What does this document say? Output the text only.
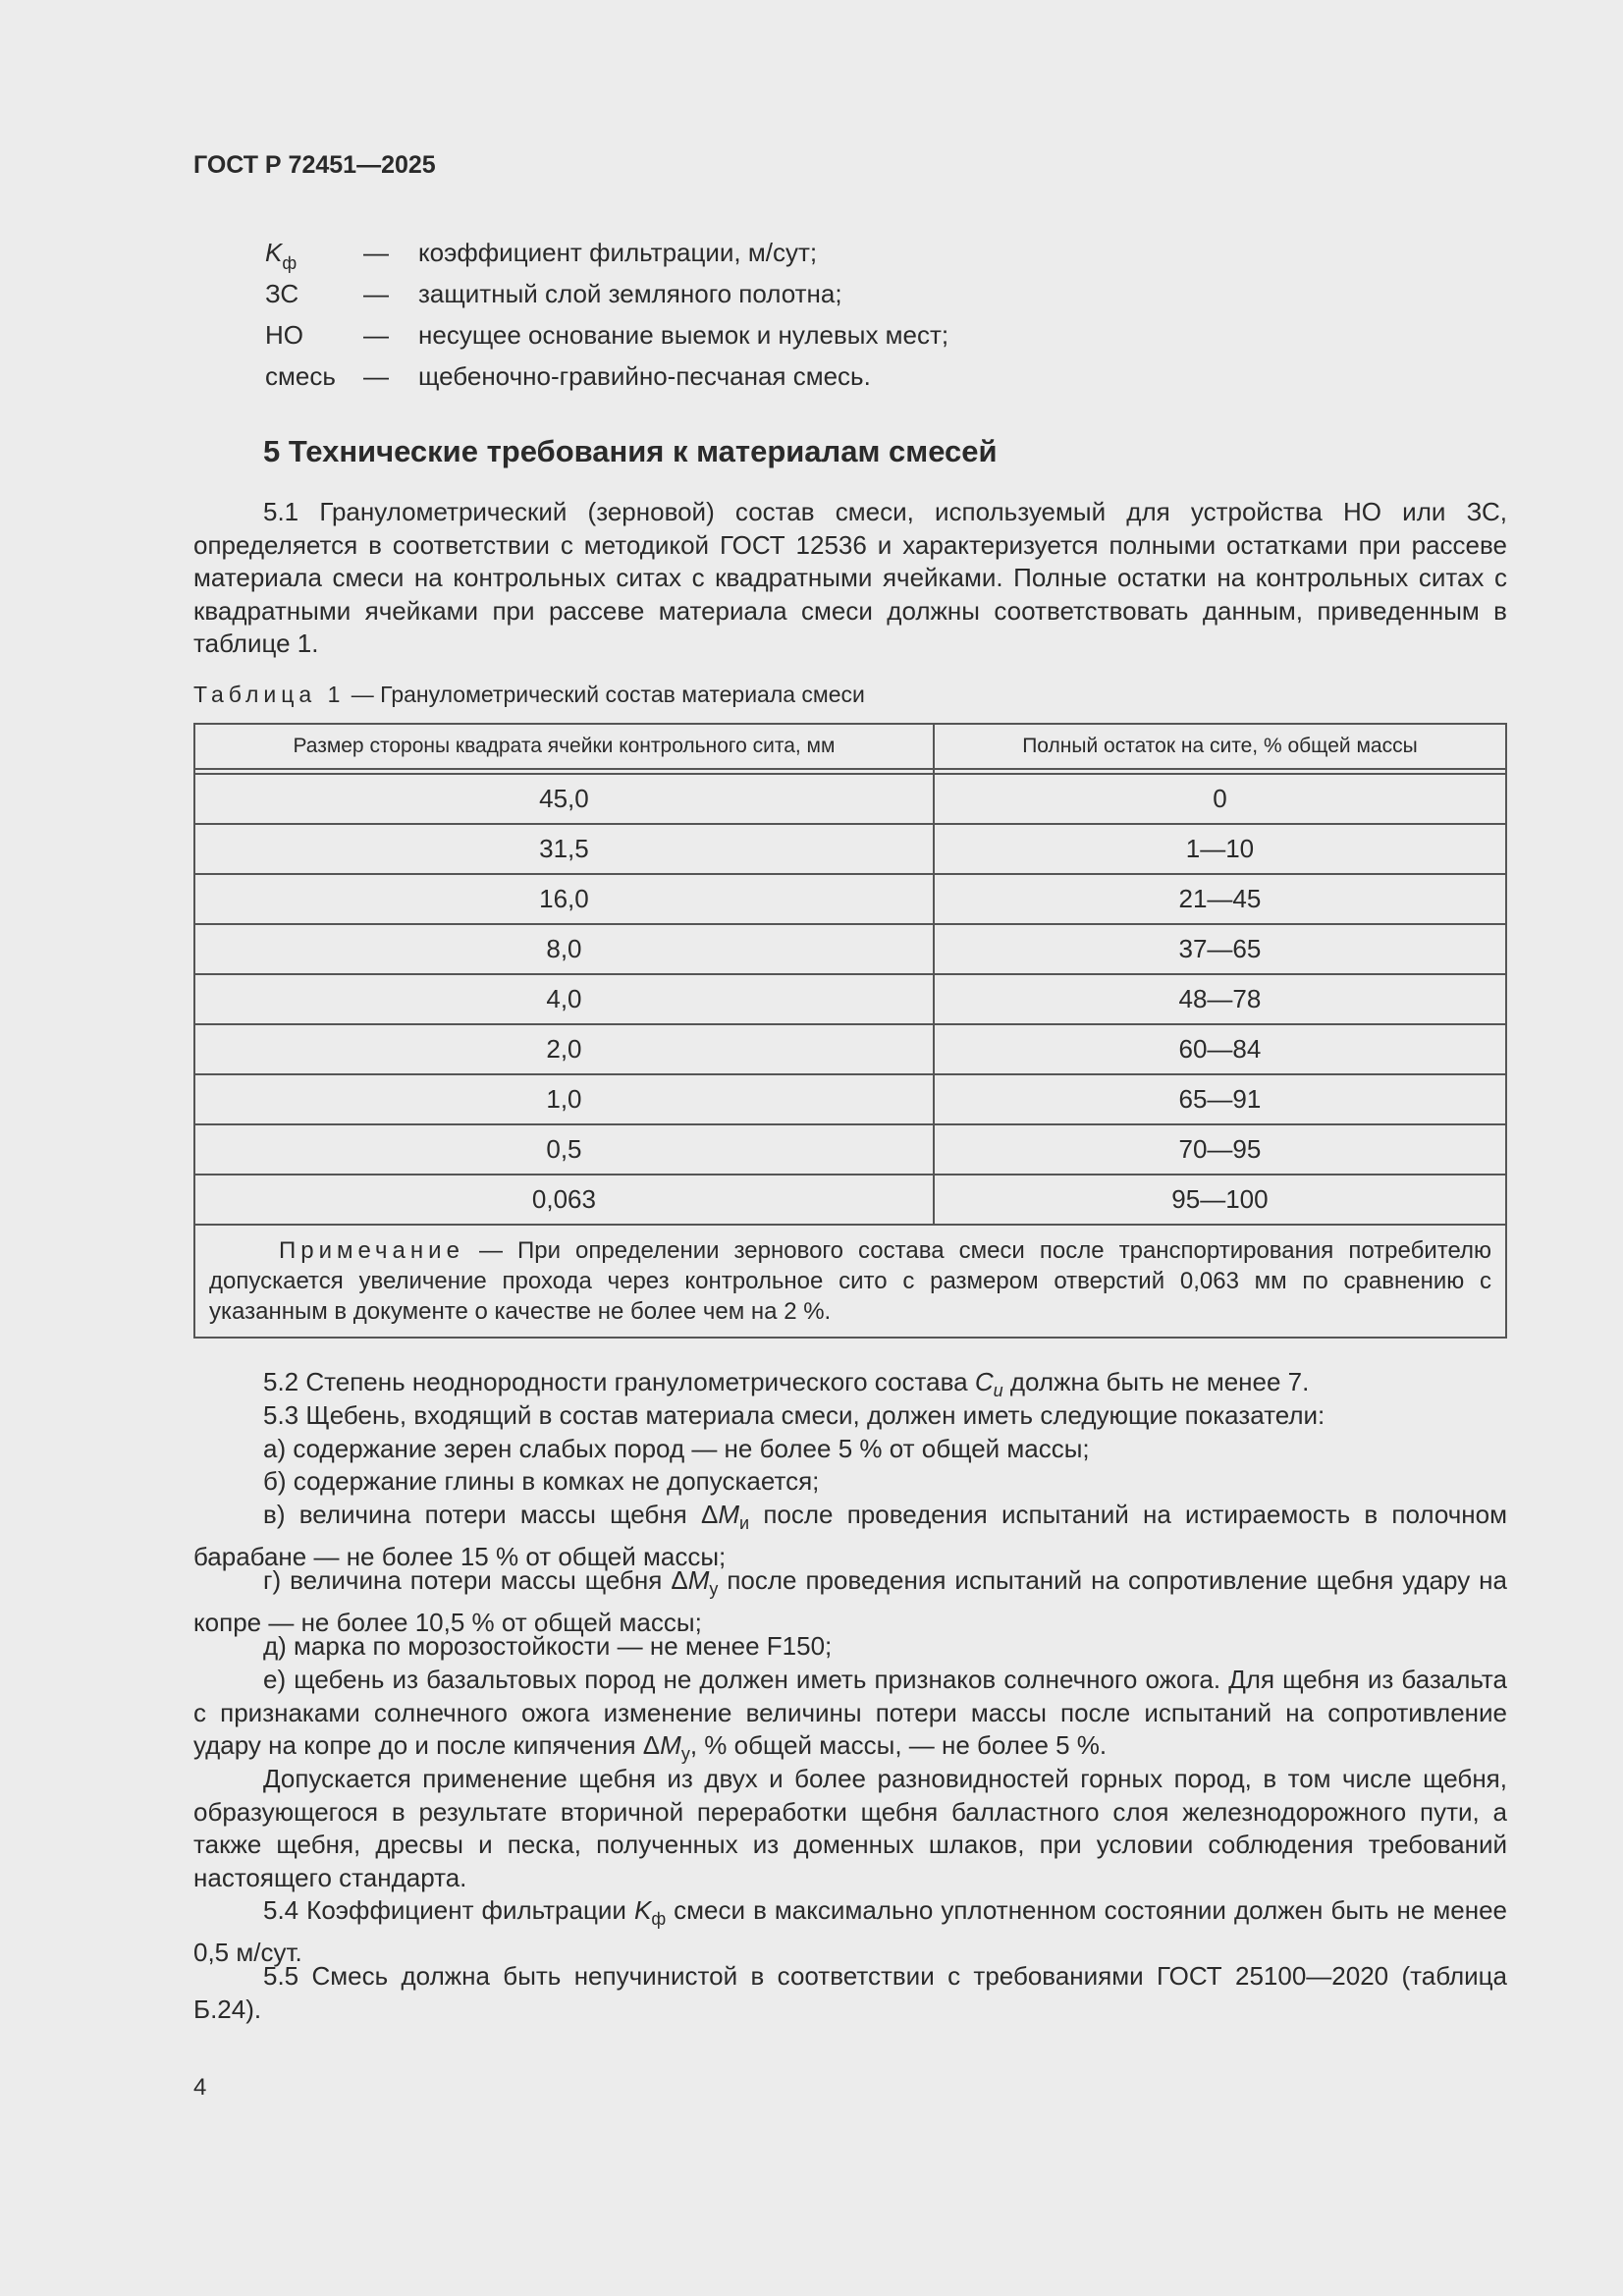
ГОСТ Р 72451—2025
$K_ф$	—	коэффициент фильтрации, м/сут;
ЗС	—	защитный слой земляного полотна;
НО	—	несущее основание выемок и нулевых мест;
смесь	—	щебеночно-гравийно-песчаная смесь.
5 Технические требования к материалам смесей

5.1 Гранулометрический (зерновой) состав смеси, используемый для устройства НО или ЗС, определяется в соответствии с методикой ГОСТ 12536 и характеризуется полными остатками при рассеве материала смеси на контрольных ситах с квадратными ячейками. Полные остатки на контрольных ситах с квадратными ячейками при рассеве материала смеси должны соответствовать данным, приведенным в таблице 1.

Таблица 1 — Гранулометрический состав материала смеси
Размер стороны квадрата ячейки контрольного сита, мм	Полный остаток на сите, % общей массы

45,0	0
31,5	1—10
16,0	21—45
8,0	37—65
4,0	48—78
2,0	60—84
1,0	65—91
0,5	70—95
0,063	95—100
Примечание — При определении зернового состава смеси после транспортирования потребителю допускается увеличение прохода через контрольное сито с размером отверстий 0,063 мм по сравнению с указанным в документе о качестве не более чем на 2 %.	

5.2 Степень неоднородности гранулометрического состава $C_u$ должна быть не менее 7.

5.3 Щебень, входящий в состав материала смеси, должен иметь следующие показатели:

а) содержание зерен слабых пород — не более 5 % от общей массы;

б) содержание глины в комках не допускается;

в) величина потери массы щебня $\Delta M_и$ после проведения испытаний на истираемость в полочном барабане — не более 15 % от общей массы;

г) величина потери массы щебня $\Delta M_у$ после проведения испытаний на сопротивление щебня удару на копре — не более 10,5 % от общей массы;

д) марка по морозостойкости — не менее F150;

е) щебень из базальтовых пород не должен иметь признаков солнечного ожога. Для щебня из базальта с признаками солнечного ожога изменение величины потери массы после испытаний на сопротивление удару на копре до и после кипячения $\Delta M_у$, % общей массы, — не более 5 %.

Допускается применение щебня из двух и более разновидностей горных пород, в том числе щебня, образующегося в результате вторичной переработки щебня балластного слоя железнодорожного пути, а также щебня, дресвы и песка, полученных из доменных шлаков, при условии соблюдения требований настоящего стандарта.

5.4 Коэффициент фильтрации $K_ф$ смеси в максимально уплотненном состоянии должен быть не менее 0,5 м/сут.

5.5 Смесь должна быть непучинистой в соответствии с требованиями ГОСТ 25100—2020 (таблица Б.24).

4
